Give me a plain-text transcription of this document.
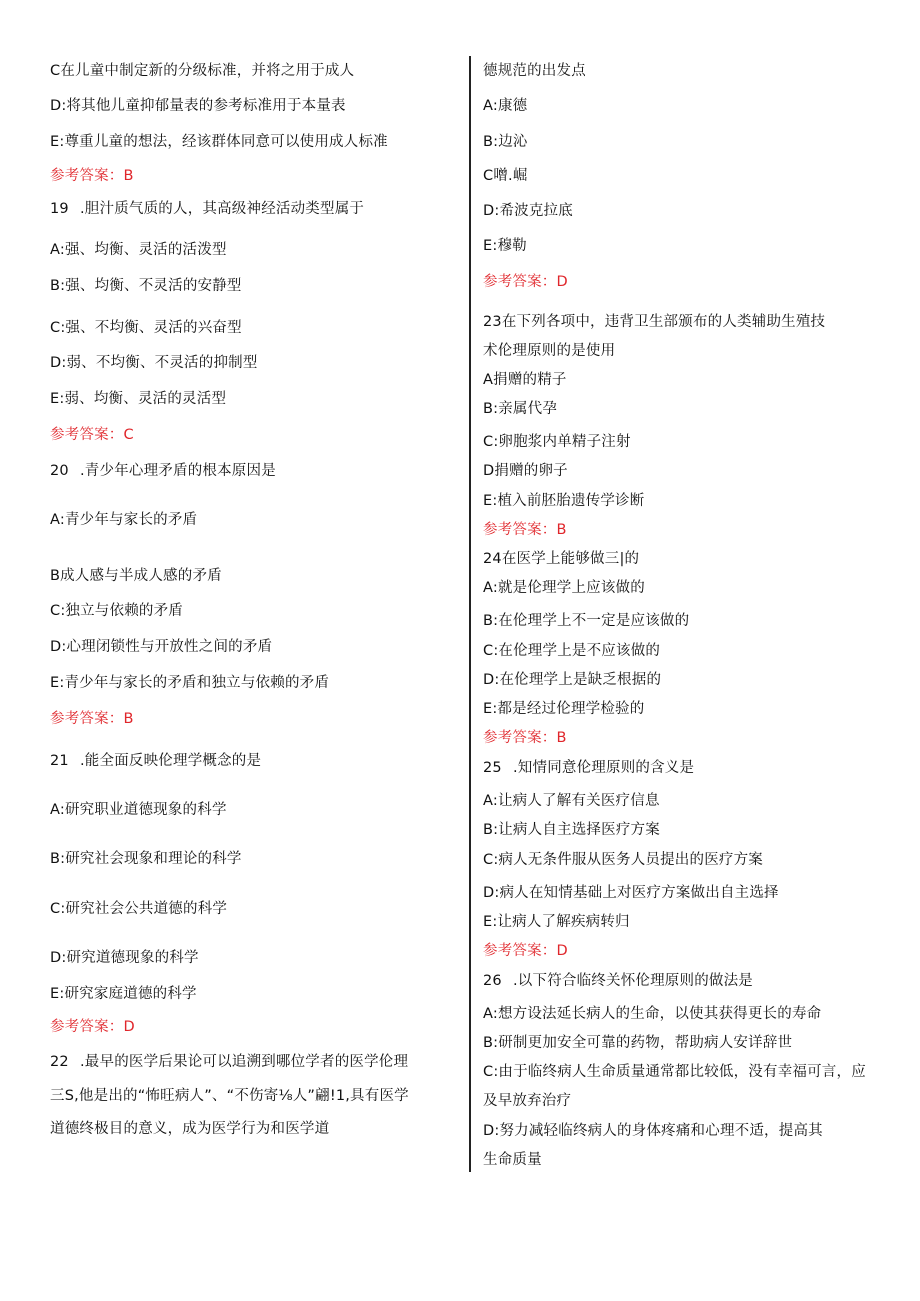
C在儿童中制定新的分级标准，并将之用于成人
D:将其他儿童抑郁量表的参考标准用于本量表
E:尊重儿童的想法，经该群体同意可以使用成人标准
参考答案：B
19 .胆汁质气质的人，其高级神经活动类型属于
A:强、均衡、灵活的活泼型
B:强、均衡、不灵活的安静型
C:强、不均衡、灵活的兴奋型
D:弱、不均衡、不灵活的抑制型
E:弱、均衡、灵活的灵活型
参考答案：C
20 .青少年心理矛盾的根本原因是
A:青少年与家长的矛盾
B成人感与半成人感的矛盾
C:独立与依赖的矛盾
D:心理闭锁性与开放性之间的矛盾
E:青少年与家长的矛盾和独立与依赖的矛盾
参考答案：B
21 .能全面反映伦理学概念的是
A:研究职业道德现象的科学
B:研究社会现象和理论的科学
C:研究社会公共道德的科学
D:研究道德现象的科学
E:研究家庭道德的科学
参考答案：D
22 .最早的医学后果论可以追溯到哪位学者的医学伦理
三S,他是出的“怖旺病人”、“不伤寄⅛人”翩!1,具有医学
道德终极目的意义，成为医学行为和医学道
德规范的出发点
A:康德
B:边沁
C噌.崛
D:希波克拉底
E:穆勒
参考答案：D
23在下列各项中，违背卫生部颁布的人类辅助生殖技
术伦理原则的是使用
A捐赠的精子
B:亲属代孕
C:卵胞浆内单精子注射
D捐赠的卵子
E:植入前胚胎遗传学诊断
参考答案：B
24在医学上能够做三|的
A:就是伦理学上应该做的
B:在伦理学上不一定是应该做的
C:在伦理学上是不应该做的
D:在伦理学上是缺乏根据的
E:都是经过伦理学检验的
参考答案：B
25 .知情同意伦理原则的含义是
A:让病人了解有关医疗信息
B:让病人自主选择医疗方案
C:病人无条件服从医务人员提出的医疗方案
D:病人在知情基础上对医疗方案做出自主选择
E:让病人了解疾病转归
参考答案：D
26 .以下符合临终关怀伦理原则的做法是
A:想方设法延长病人的生命，以使其获得更长的寿命
B:研制更加安全可靠的药物，帮助病人安详辞世
C:由于临终病人生命质量通常都比较低，没有幸福可言，应
及早放弃治疗
D:努力减轻临终病人的身体疼痛和心理不适，提高其
生命质量
